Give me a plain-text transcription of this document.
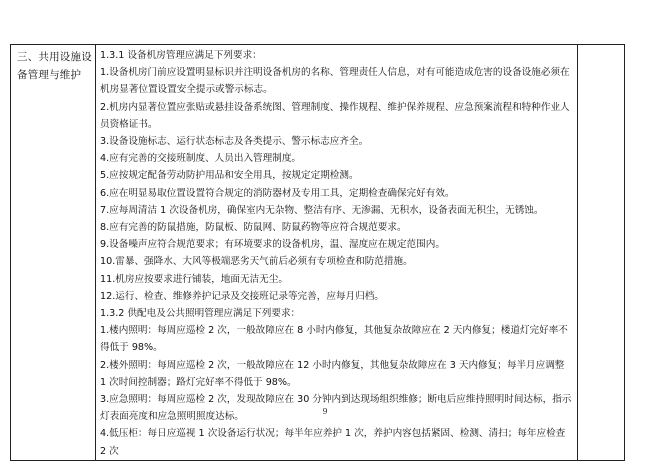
三、共用设施设备管理与维护	

1.3.1 设备机房管理应满足下列要求：

1.设备机房门前应设置明显标识并注明设备机房的名称、管理责任人信息，对有可能造成危害的设备设施必须在机房显著位置设置安全提示或警示标志。

2.机房内显著位置应张贴或悬挂设备系统图、管理制度、操作规程、维护保养规程、应急预案流程和特种作业人员资格证书。

3.设备设施标志、运行状态标志及各类提示、警示标志应齐全。

4.应有完善的交接班制度、人员出入管理制度。

5.应按规定配备劳动防护用品和安全用具，按规定定期检测。

6.应在明显易取位置设置符合规定的消防器材及专用工具，定期检查确保完好有效。

7.应每周清洁 1 次设备机房，确保室内无杂物、整洁有序、无渗漏、无积水，设备表面无积尘，无锈蚀。

8.应有完善的防鼠措施，防鼠板、防鼠网、防鼠药物等应符合规范要求。

9.设备噪声应符合规范要求；有环境要求的设备机房，温、湿度应在规定范围内。

10.雷暴、强降水、大风等极端恶劣天气前后必须有专项检查和防范措施。

11.机房应按要求进行铺装，地面无洁无尘。

12.运行、检查、维修养护记录及交接班记录等完善，应每月归档。

1.3.2 供配电及公共照明管理应满足下列要求：

1.楼内照明：每周应巡检 2 次，一般故障应在 8 小时内修复，其他复杂故障应在 2 天内修复；楼道灯完好率不得低于 98%。

2.楼外照明：每周应巡检 2 次，一般故障应在 12 小时内修复，其他复杂故障应在 3 天内修复；每半月应调整 1 次时间控制器；路灯完好率不得低于 98%。

3.应急照明：每周应巡检 2 次，发现故障应在 30 分钟内到达现场组织维修；断电后应维持照明时间达标，指示灯表面亮度和应急照明照度达标。

4.低压柜：每日应巡视 1 次设备运行状况；每半年应养护 1 次，养护内容包括紧固、检测、清扫；每年应检查 2 次

9
